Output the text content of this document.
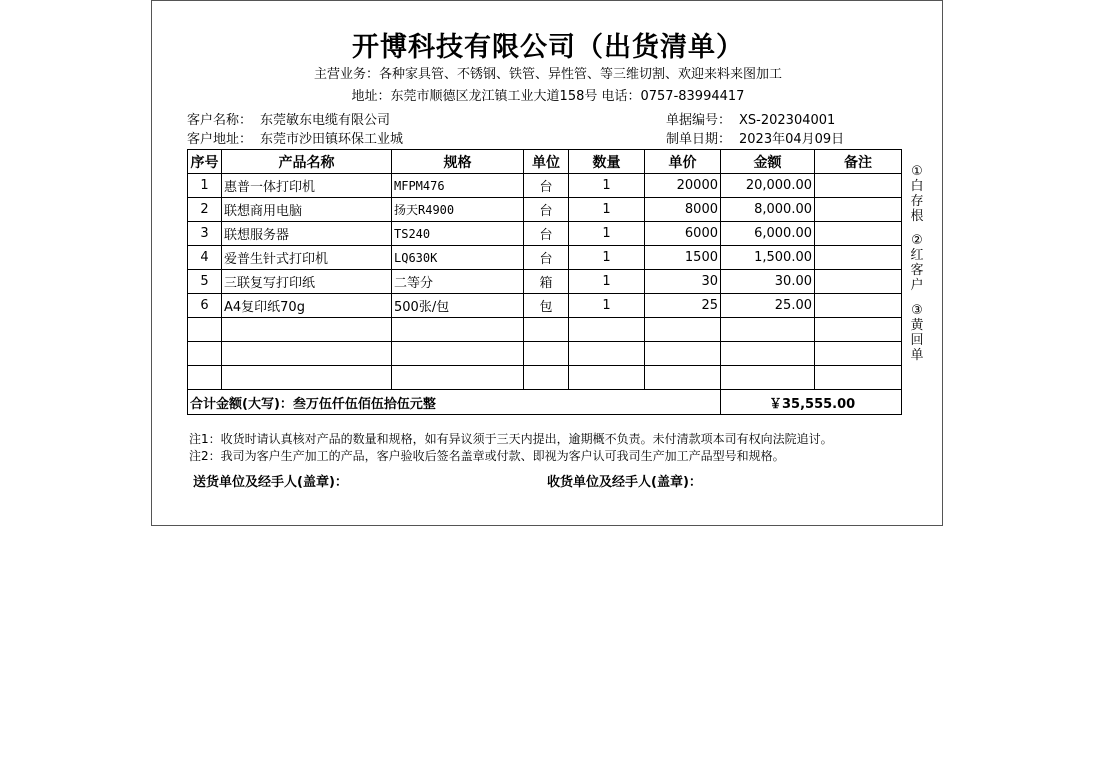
开博科技有限公司（出货清单）
主营业务：各种家具管、不锈钢、铁管、异性管、等三维切割、欢迎来料来图加工
地址：东莞市顺德区龙江镇工业大道158号 电话：0757-83994417
客户名称： 东莞敏东电缆有限公司
客户地址： 东莞市沙田镇环保工业城
单据编号： XS-202304001
制单日期： 2023年04月09日
序号	产品名称	规格	单位	数量	单价	金额	备注
1	惠普一体打印机	MFPM476	台	1	20000	20,000.00	
2	联想商用电脑	扬天R4900	台	1	8000	8,000.00	
3	联想服务器	TS240	台	1	6000	6,000.00	
4	爱普生针式打印机	LQ630K	台	1	1500	1,500.00	
5	三联复写打印纸	二等分	箱	1	30	30.00	
6	A4复印纸70g	500张/包	包	1	25	25.00	

合计金额(大写)：叁万伍仟伍佰伍拾伍元整						￥35,555.00	
①白存根
②红客户
③黄回单
注1：收货时请认真核对产品的数量和规格，如有异议须于三天内提出，逾期概不负责。未付清款项本司有权向法院追讨。
注2：我司为客户生产加工的产品，客户验收后签名盖章或付款、即视为客户认可我司生产加工产品型号和规格。
送货单位及经手人(盖章)：	收货单位及经手人(盖章)：
